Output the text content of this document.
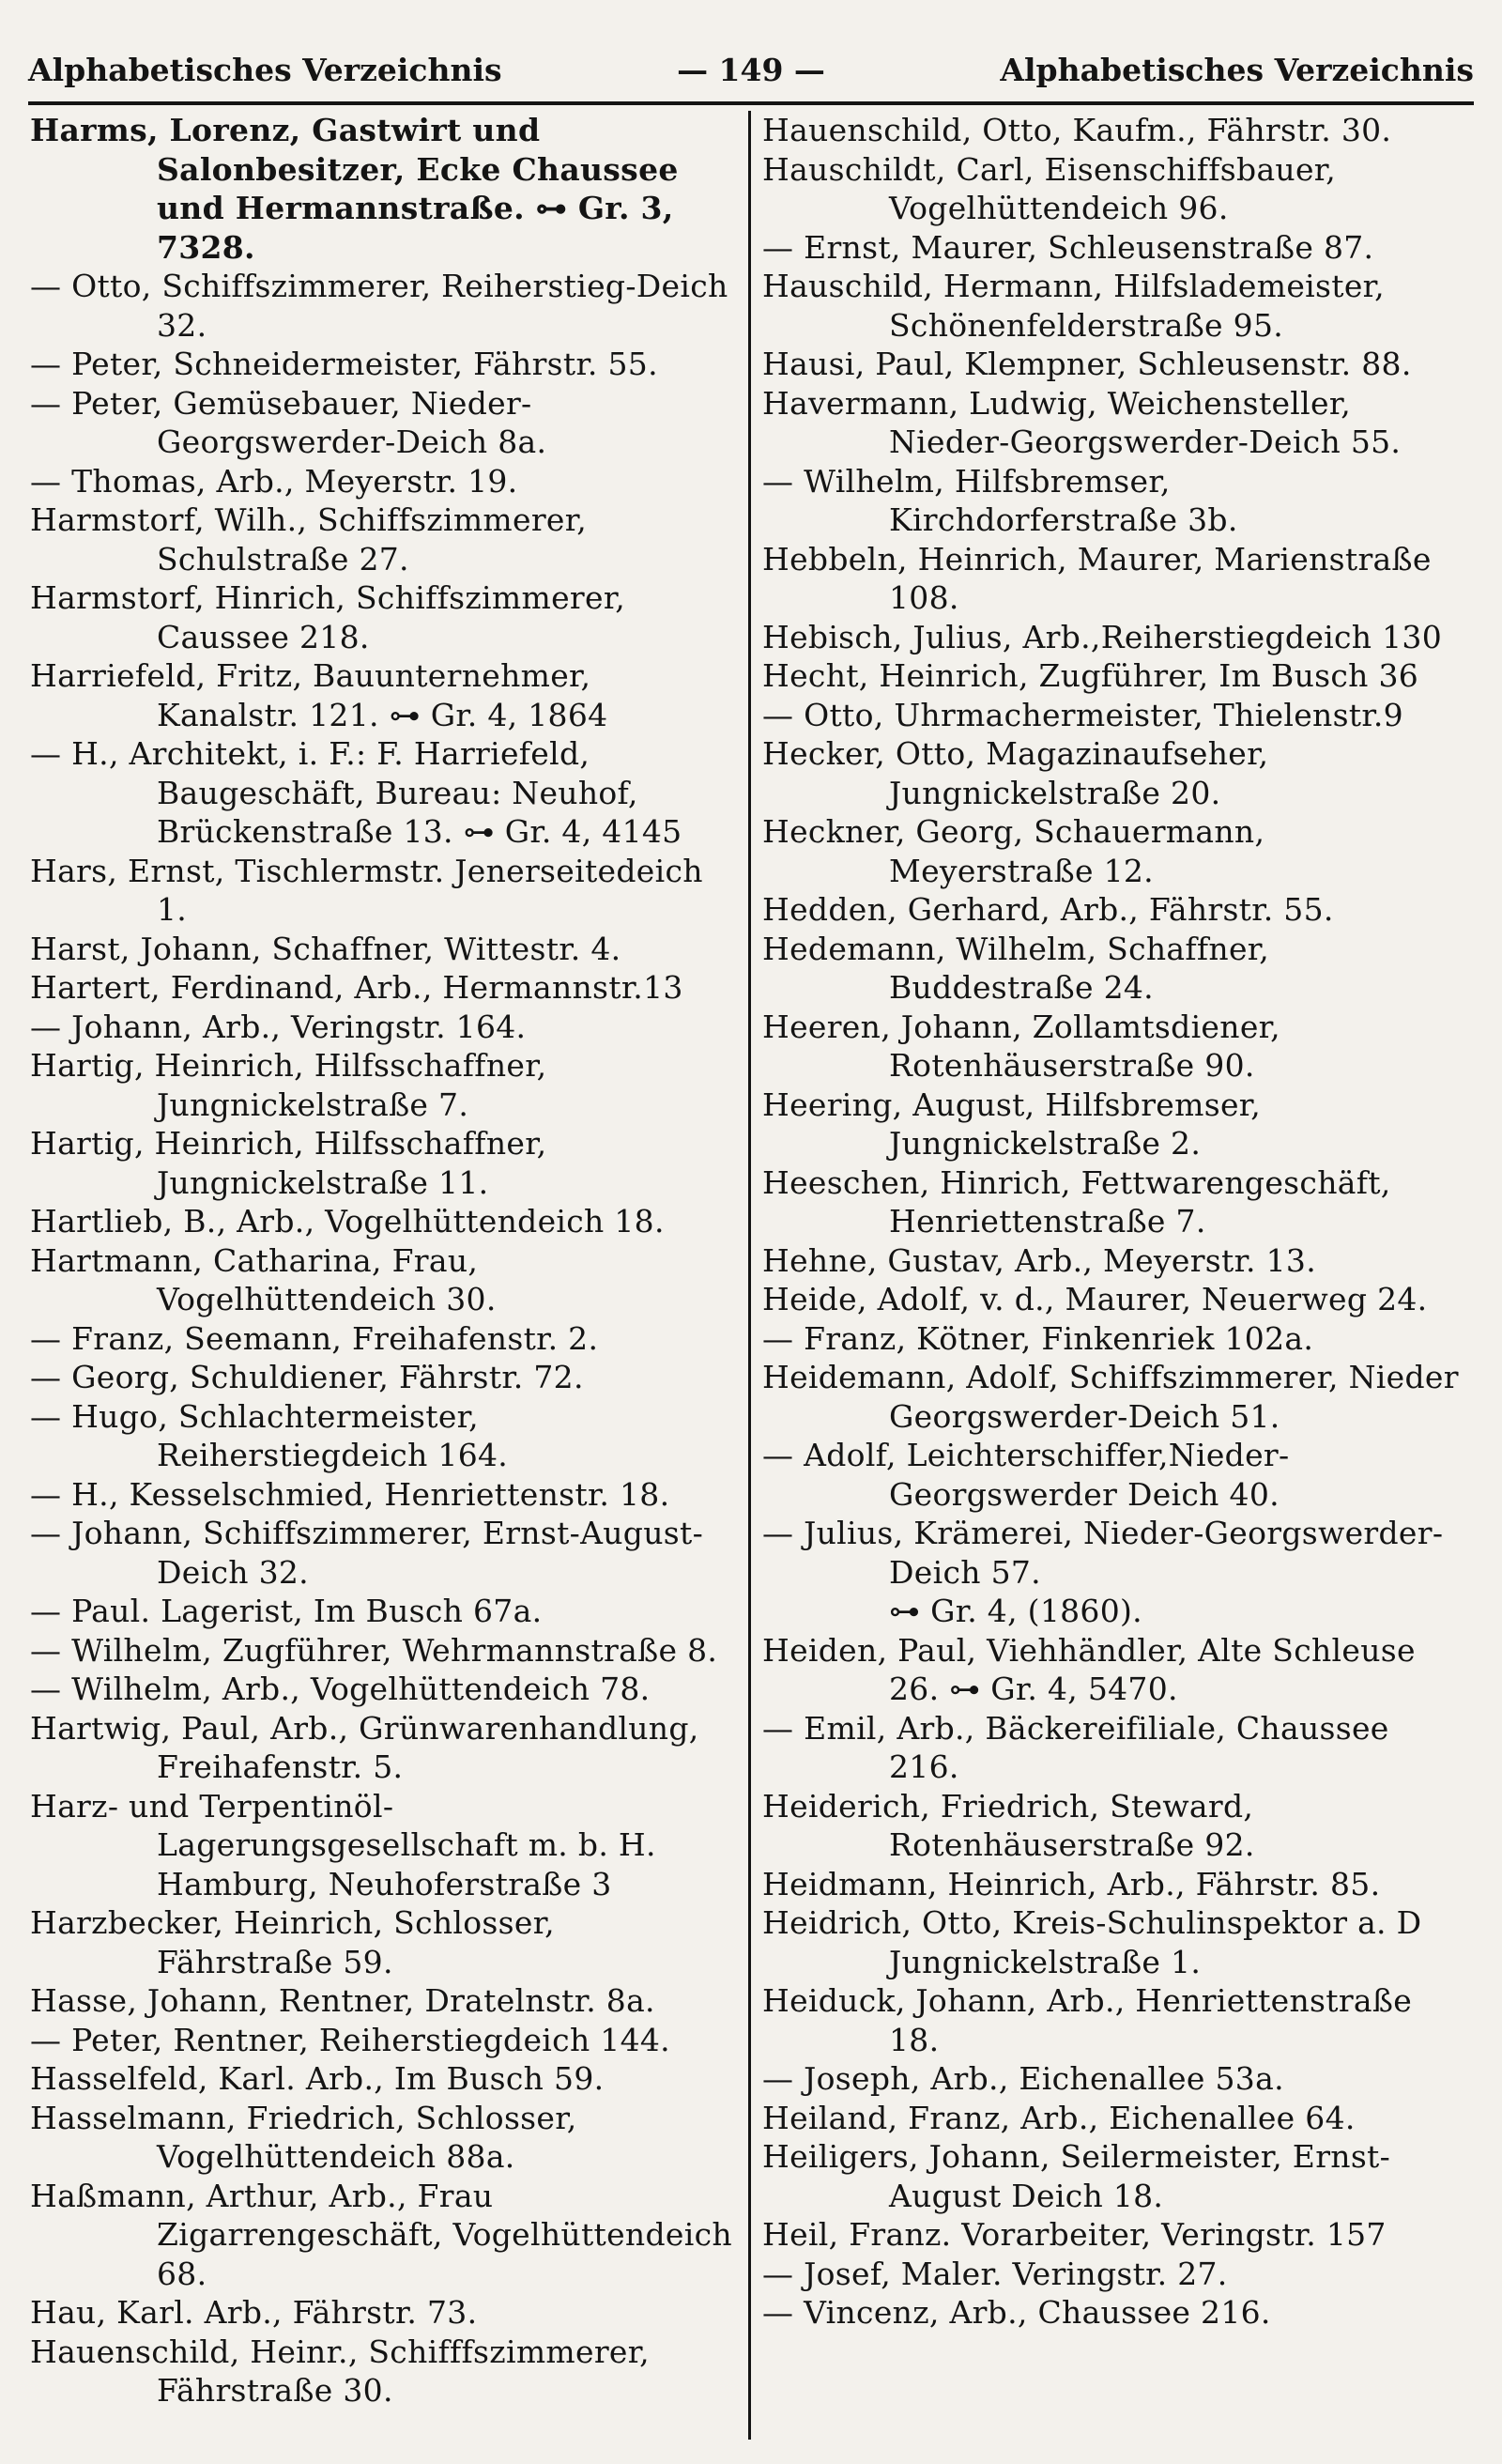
Alphabetisches Verzeichnis	— 149 —	Alphabetisches Verzeichnis
Harms, Lorenz, Gastwirt und Salonbesitzer, Ecke Chaussee und Hermannstraße. ⊶ Gr. 3, 7328.
— Otto, Schiffszimmerer, Reiherstieg-Deich 32.
— Peter, Schneidermeister, Fährstr. 55.
— Peter, Gemüsebauer, Nieder-Georgswerder-Deich 8a.
— Thomas, Arb., Meyerstr. 19.
Harmstorf, Wilh., Schiffszimmerer, Schulstraße 27.
Harmstorf, Hinrich, Schiffszimmerer, Caussee 218.
Harriefeld, Fritz, Bauunternehmer, Kanalstr. 121. ⊶ Gr. 4, 1864
— H., Architekt, i. F.: F. Harriefeld, Baugeschäft, Bureau: Neuhof, Brückenstraße 13. ⊶ Gr. 4, 4145
Hars, Ernst, Tischlermstr. Jenerseitedeich 1.
Harst, Johann, Schaffner, Wittestr. 4.
Hartert, Ferdinand, Arb., Hermannstr.13
— Johann, Arb., Veringstr. 164.
Hartig, Heinrich, Hilfsschaffner, Jungnickelstraße 7.
Hartig, Heinrich, Hilfsschaffner, Jungnickelstraße 11.
Hartlieb, B., Arb., Vogelhüttendeich 18.
Hartmann, Catharina, Frau, Vogelhüttendeich 30.
— Franz, Seemann, Freihafenstr. 2.
— Georg, Schuldiener, Fährstr. 72.
— Hugo, Schlachtermeister, Reiherstiegdeich 164.
— H., Kesselschmied, Henriettenstr. 18.
— Johann, Schiffszimmerer, Ernst-August-Deich 32.
— Paul. Lagerist, Im Busch 67a.
— Wilhelm, Zugführer, Wehrmannstraße 8.
— Wilhelm, Arb., Vogelhüttendeich 78.
Hartwig, Paul, Arb., Grünwarenhandlung, Freihafenstr. 5.
Harz- und Terpentinöl-Lagerungsgesellschaft m. b. H. Hamburg, Neuhoferstraße 3
Harzbecker, Heinrich, Schlosser, Fährstraße 59.
Hasse, Johann, Rentner, Dratelnstr. 8a.
— Peter, Rentner, Reiherstiegdeich 144.
Hasselfeld, Karl. Arb., Im Busch 59.
Hasselmann, Friedrich, Schlosser, Vogelhüttendeich 88a.
Haßmann, Arthur, Arb., Frau Zigarrengeschäft, Vogelhüttendeich 68.
Hau, Karl. Arb., Fährstr. 73.
Hauenschild, Heinr., Schifffszimmerer, Fährstraße 30.
Hauenschild, Otto, Kaufm., Fährstr. 30.
Hauschildt, Carl, Eisenschiffsbauer, Vogelhüttendeich 96.
— Ernst, Maurer, Schleusenstraße 87.
Hauschild, Hermann, Hilfslademeister, Schönenfelderstraße 95.
Hausi, Paul, Klempner, Schleusenstr. 88.
Havermann, Ludwig, Weichensteller, Nieder-Georgswerder-Deich 55.
— Wilhelm, Hilfsbremser, Kirchdorferstraße 3b.
Hebbeln, Heinrich, Maurer, Marienstraße 108.
Hebisch, Julius, Arb.,Reiherstiegdeich 130
Hecht, Heinrich, Zugführer, Im Busch 36
— Otto, Uhrmachermeister, Thielenstr.9
Hecker, Otto, Magazinaufseher, Jungnickelstraße 20.
Heckner, Georg, Schauermann, Meyerstraße 12.
Hedden, Gerhard, Arb., Fährstr. 55.
Hedemann, Wilhelm, Schaffner, Buddestraße 24.
Heeren, Johann, Zollamtsdiener, Rotenhäuserstraße 90.
Heering, August, Hilfsbremser, Jungnickelstraße 2.
Heeschen, Hinrich, Fettwarengeschäft, Henriettenstraße 7.
Hehne, Gustav, Arb., Meyerstr. 13.
Heide, Adolf, v. d., Maurer, Neuerweg 24.
— Franz, Kötner, Finkenriek 102a.
Heidemann, Adolf, Schiffszimmerer, Nieder Georgswerder-Deich 51.
— Adolf, Leichterschiffer,Nieder-Georgswerder Deich 40.
— Julius, Krämerei, Nieder-Georgswerder-Deich 57.
⊶ Gr. 4, (1860).
Heiden, Paul, Viehhändler, Alte Schleuse 26. ⊶ Gr. 4, 5470.
— Emil, Arb., Bäckereifiliale, Chaussee 216.
Heiderich, Friedrich, Steward, Rotenhäuserstraße 92.
Heidmann, Heinrich, Arb., Fährstr. 85.
Heidrich, Otto, Kreis-Schulinspektor a. D Jungnickelstraße 1.
Heiduck, Johann, Arb., Henriettenstraße 18.
— Joseph, Arb., Eichenallee 53a.
Heiland, Franz, Arb., Eichenallee 64.
Heiligers, Johann, Seilermeister, Ernst-August Deich 18.
Heil, Franz. Vorarbeiter, Veringstr. 157
— Josef, Maler. Veringstr. 27.
— Vincenz, Arb., Chaussee 216.
